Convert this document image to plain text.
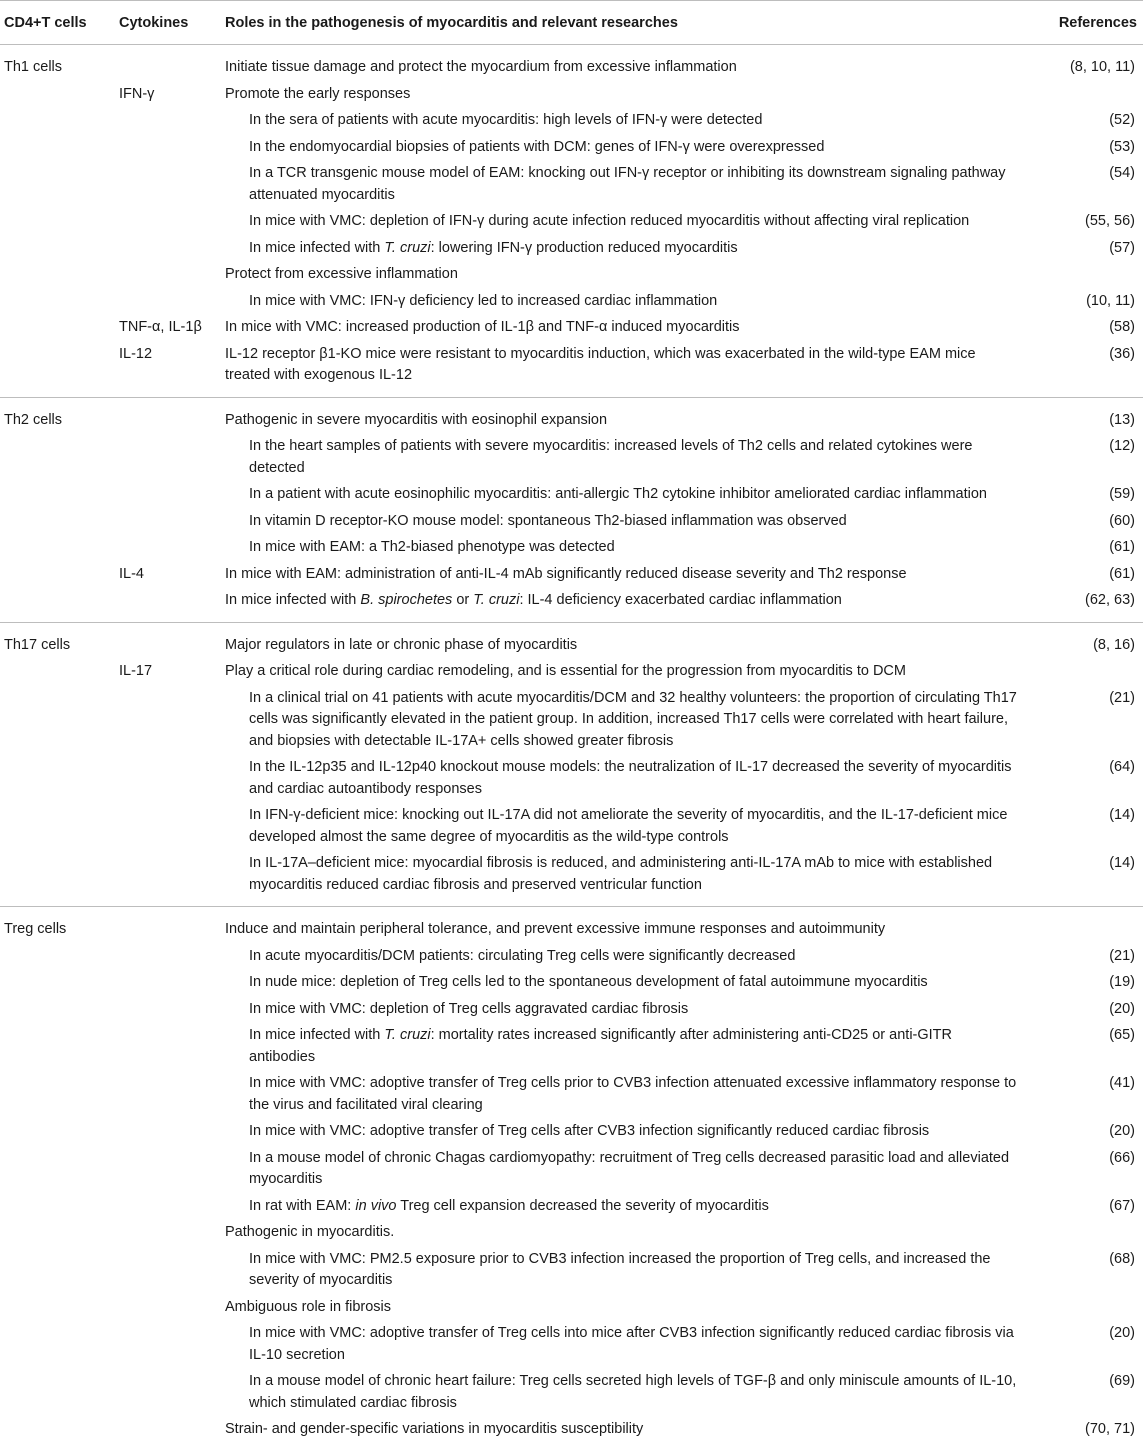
CD4+T cells	Cytokines	Roles in the pathogenesis of myocarditis and relevant researches	References
Th1 cells		Initiate tissue damage and protect the myocardium from excessive inflammation	(8, 10, 11)
	IFN-γ	Promote the early responses	
		In the sera of patients with acute myocarditis: high levels of IFN-γ were detected	(52)
		In the endomyocardial biopsies of patients with DCM: genes of IFN-γ were overexpressed	(53)
		In a TCR transgenic mouse model of EAM: knocking out IFN-γ receptor or inhibiting its downstream signaling pathway attenuated myocarditis	(54)
		In mice with VMC: depletion of IFN-γ during acute infection reduced myocarditis without affecting viral replication	(55, 56)
		In mice infected with T. cruzi: lowering IFN-γ production reduced myocarditis	(57)
		Protect from excessive inflammation	
		In mice with VMC: IFN-γ deficiency led to increased cardiac inflammation	(10, 11)
	TNF-α, IL-1β	In mice with VMC: increased production of IL-1β and TNF-α induced myocarditis	(58)
	IL-12	IL-12 receptor β1-KO mice were resistant to myocarditis induction, which was exacerbated in the wild-type EAM mice treated with exogenous IL-12	(36)
Th2 cells		Pathogenic in severe myocarditis with eosinophil expansion	(13)
		In the heart samples of patients with severe myocarditis: increased levels of Th2 cells and related cytokines were detected	(12)
		In a patient with acute eosinophilic myocarditis: anti-allergic Th2 cytokine inhibitor ameliorated cardiac inflammation	(59)
		In vitamin D receptor-KO mouse model: spontaneous Th2-biased inflammation was observed	(60)
		In mice with EAM: a Th2-biased phenotype was detected	(61)
	IL-4	In mice with EAM: administration of anti-IL-4 mAb significantly reduced disease severity and Th2 response	(61)
		In mice infected with B. spirochetes or T. cruzi: IL-4 deficiency exacerbated cardiac inflammation	(62, 63)
Th17 cells		Major regulators in late or chronic phase of myocarditis	(8, 16)
	IL-17	Play a critical role during cardiac remodeling, and is essential for the progression from myocarditis to DCM	
		In a clinical trial on 41 patients with acute myocarditis/DCM and 32 healthy volunteers: the proportion of circulating Th17 cells was significantly elevated in the patient group. In addition, increased Th17 cells were correlated with heart failure, and biopsies with detectable IL-17A+ cells showed greater fibrosis	(21)
		In the IL-12p35 and IL-12p40 knockout mouse models: the neutralization of IL-17 decreased the severity of myocarditis and cardiac autoantibody responses	(64)
		In IFN-γ-deficient mice: knocking out IL-17A did not ameliorate the severity of myocarditis, and the IL-17-deficient mice developed almost the same degree of myocarditis as the wild-type controls	(14)
		In IL-17A–deficient mice: myocardial fibrosis is reduced, and administering anti-IL-17A mAb to mice with established myocarditis reduced cardiac fibrosis and preserved ventricular function	(14)
Treg cells		Induce and maintain peripheral tolerance, and prevent excessive immune responses and autoimmunity	
		In acute myocarditis/DCM patients: circulating Treg cells were significantly decreased	(21)
		In nude mice: depletion of Treg cells led to the spontaneous development of fatal autoimmune myocarditis	(19)
		In mice with VMC: depletion of Treg cells aggravated cardiac fibrosis	(20)
		In mice infected with T. cruzi: mortality rates increased significantly after administering anti-CD25 or anti-GITR antibodies	(65)
		In mice with VMC: adoptive transfer of Treg cells prior to CVB3 infection attenuated excessive inflammatory response to the virus and facilitated viral clearing	(41)
		In mice with VMC: adoptive transfer of Treg cells after CVB3 infection significantly reduced cardiac fibrosis	(20)
		In a mouse model of chronic Chagas cardiomyopathy: recruitment of Treg cells decreased parasitic load and alleviated myocarditis	(66)
		In rat with EAM: in vivo Treg cell expansion decreased the severity of myocarditis	(67)
		Pathogenic in myocarditis.	
		In mice with VMC: PM2.5 exposure prior to CVB3 infection increased the proportion of Treg cells, and increased the severity of myocarditis	(68)
		Ambiguous role in fibrosis	
		In mice with VMC: adoptive transfer of Treg cells into mice after CVB3 infection significantly reduced cardiac fibrosis via IL-10 secretion	(20)
		In a mouse model of chronic heart failure: Treg cells secreted high levels of TGF-β and only miniscule amounts of IL-10, which stimulated cardiac fibrosis	(69)
		Strain- and gender-specific variations in myocarditis susceptibility	(70, 71)
